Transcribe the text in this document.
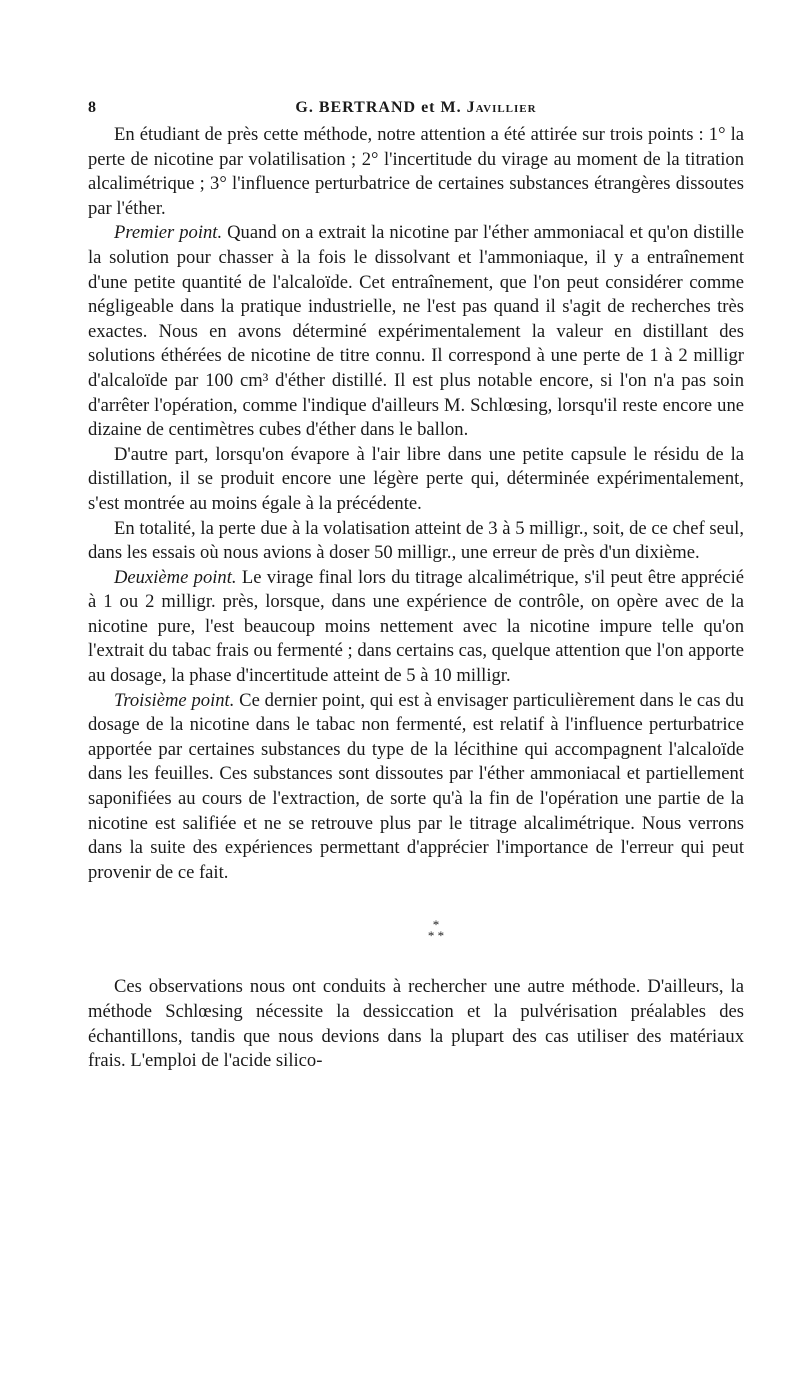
8	G. BERTRAND et M. Javillier

En étudiant de près cette méthode, notre attention a été attirée sur trois points : 1° la perte de nicotine par volatilisation ; 2° l'incertitude du virage au moment de la titration alcalimétrique ; 3° l'influence perturbatrice de certaines substances étrangères dissoutes par l'éther.

Premier point. Quand on a extrait la nicotine par l'éther ammoniacal et qu'on distille la solution pour chasser à la fois le dissolvant et l'ammoniaque, il y a entraînement d'une petite quantité de l'alcaloïde. Cet entraînement, que l'on peut considérer comme négligeable dans la pratique industrielle, ne l'est pas quand il s'agit de recherches très exactes. Nous en avons déterminé expérimentalement la valeur en distillant des solutions éthérées de nicotine de titre connu. Il correspond à une perte de 1 à 2 milligr d'alcaloïde par 100 cm³ d'éther distillé. Il est plus notable encore, si l'on n'a pas soin d'arrêter l'opération, comme l'indique d'ailleurs M. Schlœsing, lorsqu'il reste encore une dizaine de centimètres cubes d'éther dans le ballon.

D'autre part, lorsqu'on évapore à l'air libre dans une petite capsule le résidu de la distillation, il se produit encore une légère perte qui, déterminée expérimentalement, s'est montrée au moins égale à la précédente.

En totalité, la perte due à la volatisation atteint de 3 à 5 milligr., soit, de ce chef seul, dans les essais où nous avions à doser 50 milligr., une erreur de près d'un dixième.

Deuxième point. Le virage final lors du titrage alcalimétrique, s'il peut être apprécié à 1 ou 2 milligr. près, lorsque, dans une expérience de contrôle, on opère avec de la nicotine pure, l'est beaucoup moins nettement avec la nicotine impure telle qu'on l'extrait du tabac frais ou fermenté ; dans certains cas, quelque attention que l'on apporte au dosage, la phase d'incertitude atteint de 5 à 10 milligr.

Troisième point. Ce dernier point, qui est à envisager particulièrement dans le cas du dosage de la nicotine dans le tabac non fermenté, est relatif à l'influence perturbatrice apportée par certaines substances du type de la lécithine qui accompagnent l'alcaloïde dans les feuilles. Ces substances sont dissoutes par l'éther ammoniacal et partiellement saponifiées au cours de l'extraction, de sorte qu'à la fin de l'opération une partie de la nicotine est salifiée et ne se retrouve plus par le titrage alcalimétrique. Nous verrons dans la suite des expériences permettant d'apprécier l'importance de l'erreur qui peut provenir de ce fait.

*
* *

Ces observations nous ont conduits à rechercher une autre méthode. D'ailleurs, la méthode Schlœsing nécessite la dessiccation et la pulvérisation préalables des échantillons, tandis que nous devions dans la plupart des cas utiliser des matériaux frais. L'emploi de l'acide silico-
